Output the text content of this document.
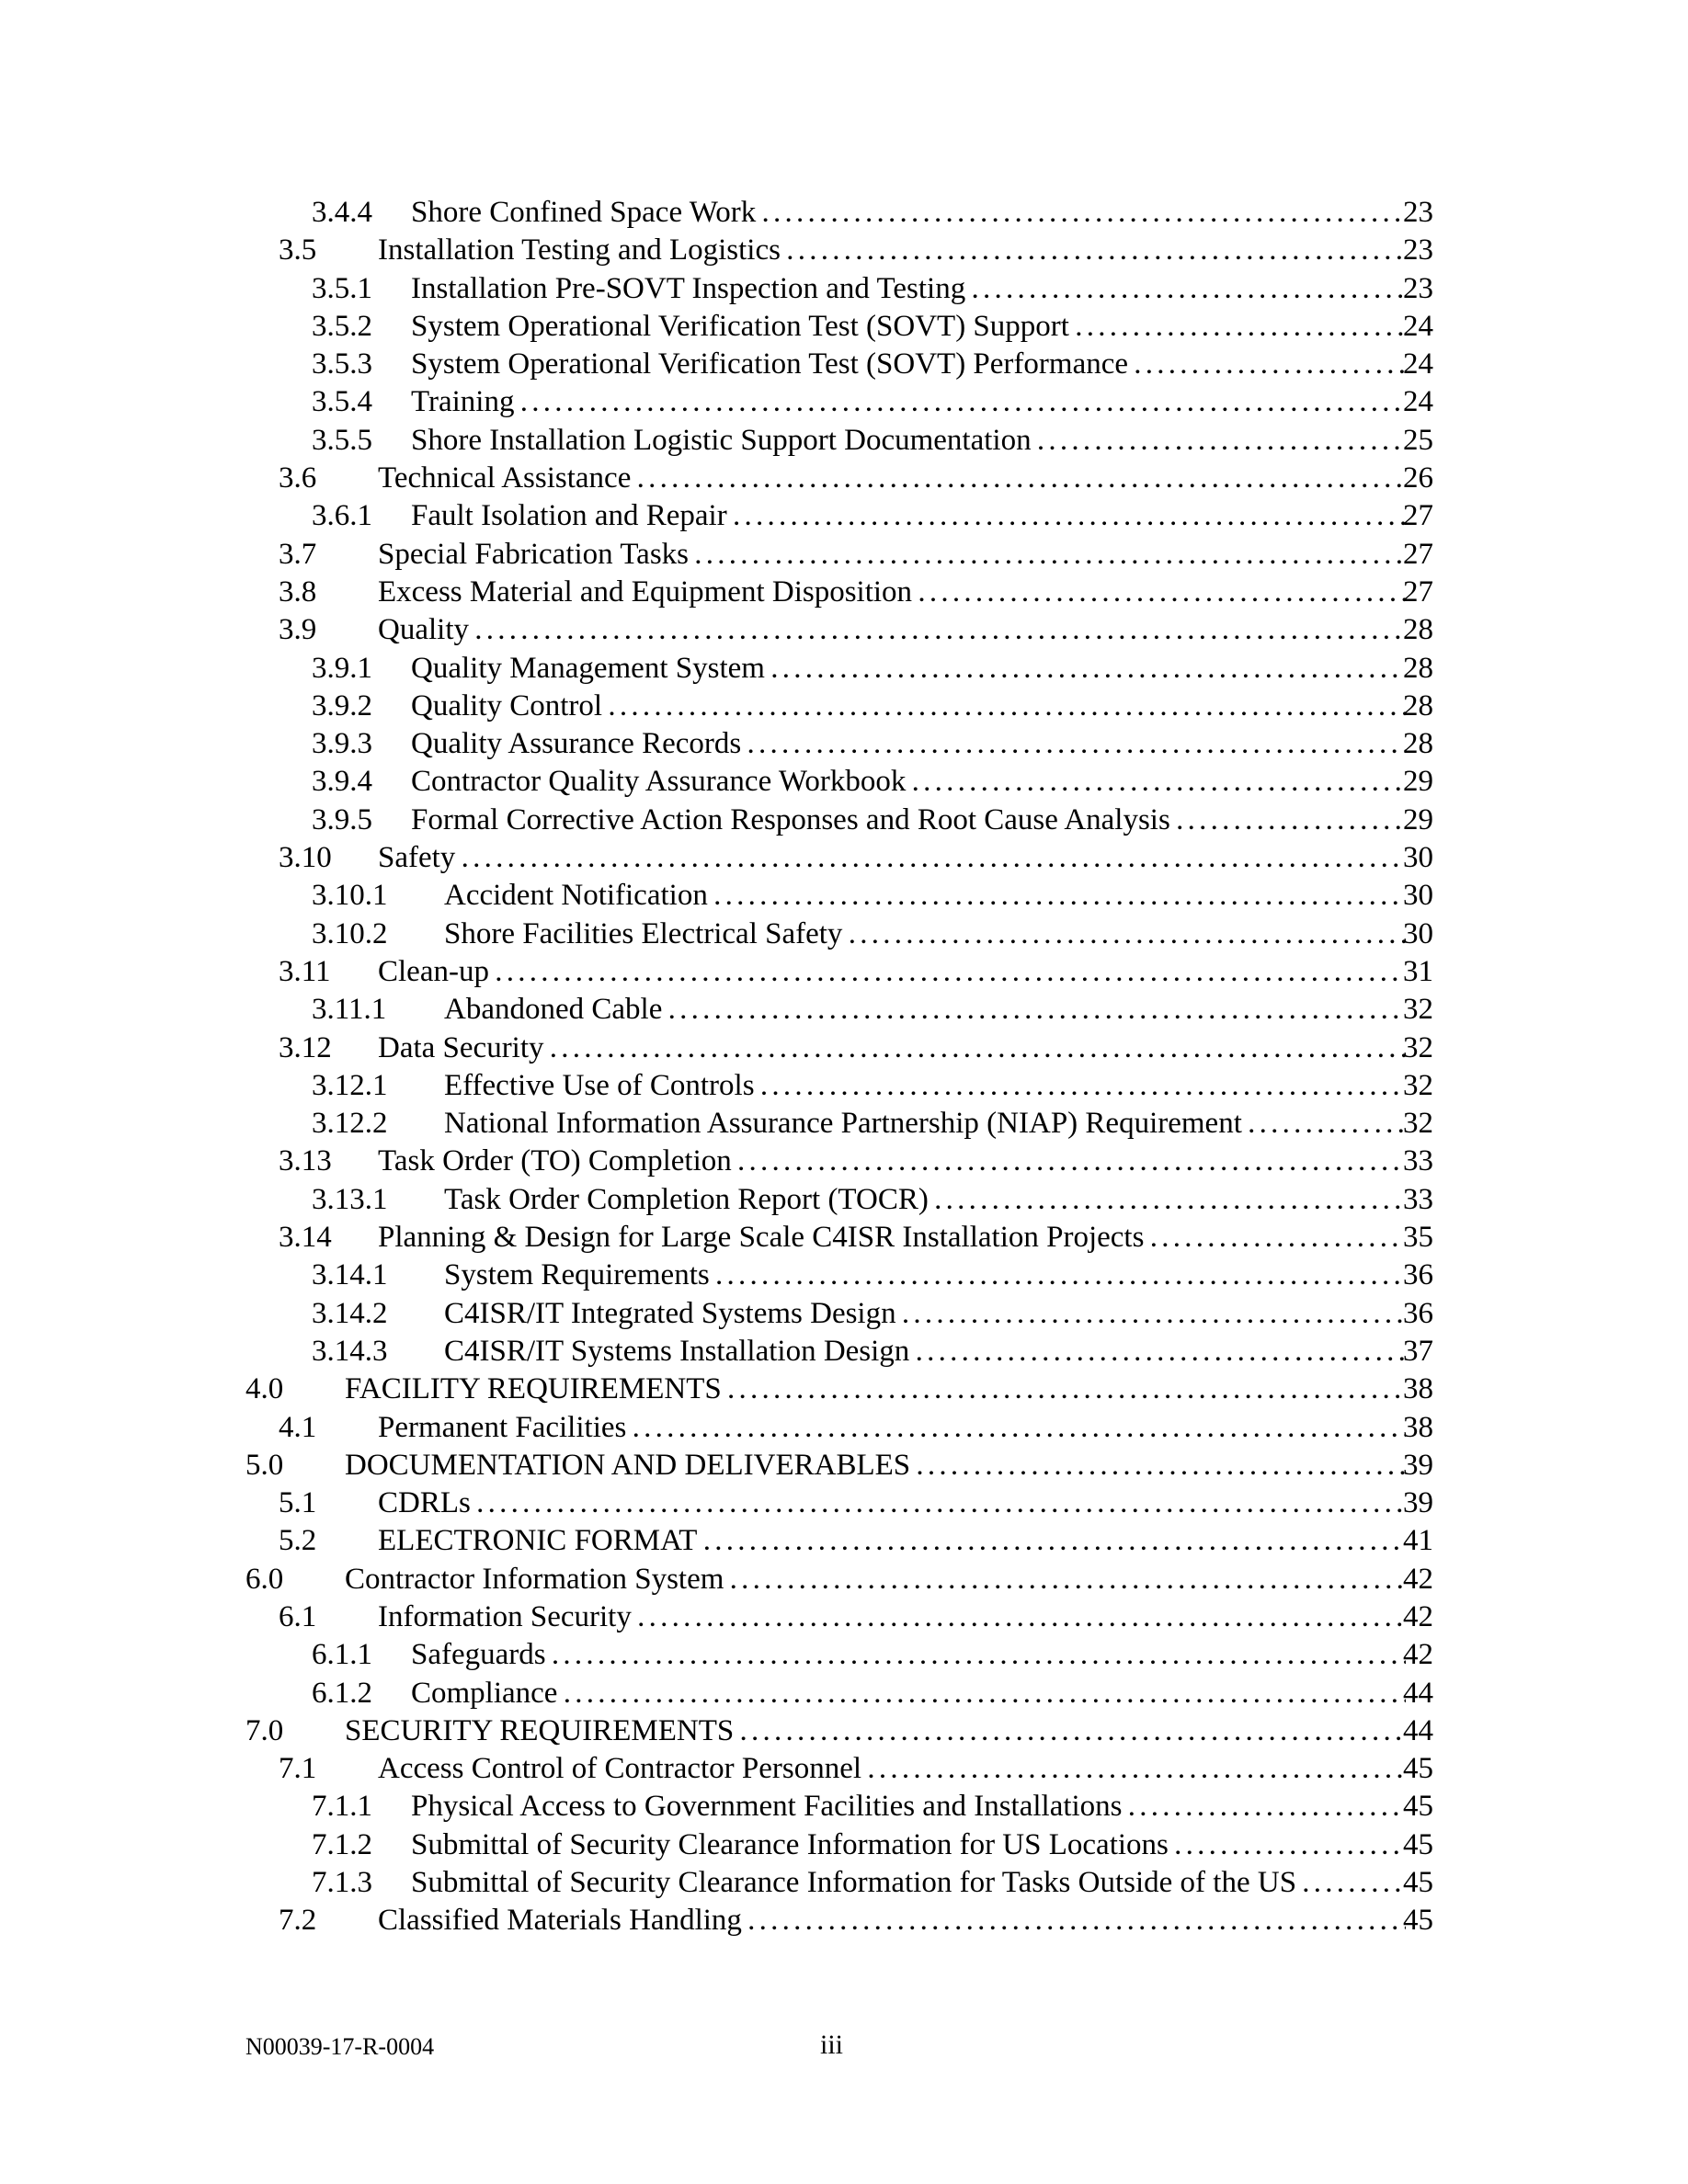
3.4.4 Shore Confined Space Work . . .	23
3.5 Installation Testing and Logistics . . .	23
3.5.1 Installation Pre-SOVT Inspection and Testing . . .	23
3.5.2 System Operational Verification Test (SOVT) Support . . .	24
3.5.3 System Operational Verification Test (SOVT) Performance . . .	24
3.5.4 Training . . .	24
3.5.5 Shore Installation Logistic Support Documentation . . .	25
3.6 Technical Assistance . . .	26
3.6.1 Fault Isolation and Repair . . .	27
3.7 Special Fabrication Tasks . . .	27
3.8 Excess Material and Equipment Disposition . . .	27
3.9 Quality . . .	28
3.9.1 Quality Management System . . .	28
3.9.2 Quality Control . . .	28
3.9.3 Quality Assurance Records . . .	28
3.9.4 Contractor Quality Assurance Workbook . . .	29
3.9.5 Formal Corrective Action Responses and Root Cause Analysis . . .	29
3.10 Safety . . .	30
3.10.1 Accident Notification . . .	30
3.10.2 Shore Facilities Electrical Safety . . .	30
3.11 Clean-up . . .	31
3.11.1 Abandoned Cable . . .	32
3.12 Data Security . . .	32
3.12.1 Effective Use of Controls . . .	32
3.12.2 National Information Assurance Partnership (NIAP) Requirement . . .	32
3.13 Task Order (TO) Completion . . .	33
3.13.1 Task Order Completion Report (TOCR) . . .	33
3.14 Planning & Design for Large Scale C4ISR Installation Projects . . .	35
3.14.1 System Requirements . . .	36
3.14.2 C4ISR/IT Integrated Systems Design . . .	36
3.14.3 C4ISR/IT Systems Installation Design . . .	37
4.0 FACILITY REQUIREMENTS . . .	38
4.1 Permanent Facilities . . .	38
5.0 DOCUMENTATION AND DELIVERABLES . . .	39
5.1 CDRLs . . .	39
5.2 ELECTRONIC FORMAT . . .	41
6.0 Contractor Information System . . .	42
6.1 Information Security . . .	42
6.1.1 Safeguards . . .	42
6.1.2 Compliance . . .	44
7.0 SECURITY REQUIREMENTS . . .	44
7.1 Access Control of Contractor Personnel . . .	45
7.1.1 Physical Access to Government Facilities and Installations . . .	45
7.1.2 Submittal of Security Clearance Information for US Locations . . .	45
7.1.3 Submittal of Security Clearance Information for Tasks Outside of the US . . .	45
7.2 Classified Materials Handling . . .	45
N00039-17-R-0004	iii
